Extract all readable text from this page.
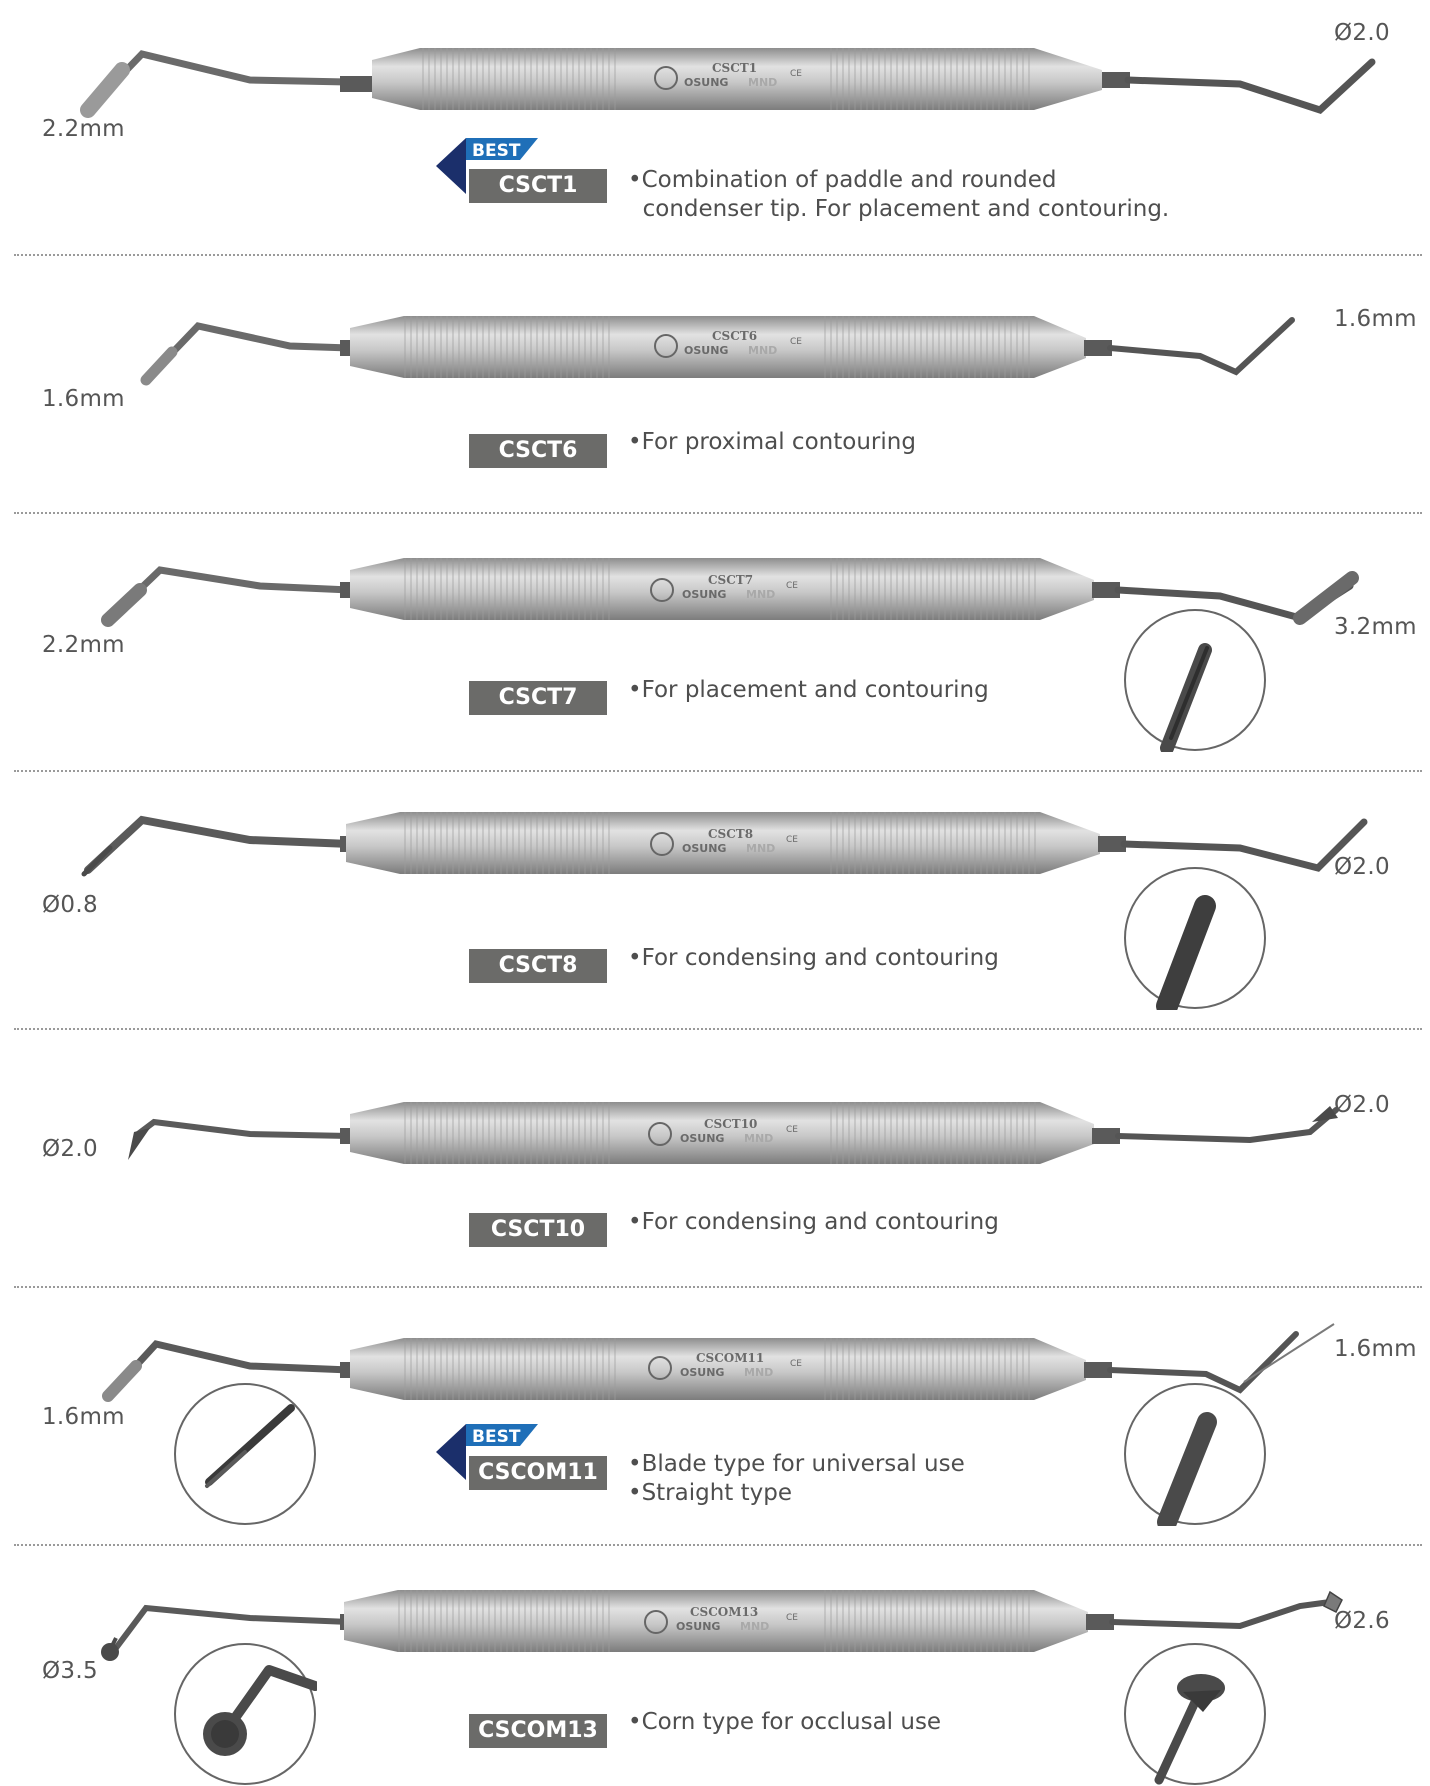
CSCT1
OSUNG MND
CE
2.2mm
Ø2.0
BEST
CSCT1	•Combination of paddle and rounded
condenser tip. For placement and contouring.
CSCT6
OSUNG MND
CE
1.6mm
1.6mm
CSCT6	•For proximal contouring
CSCT7
OSUNG MND
CE
2.2mm
3.2mm
CSCT7	•For placement and contouring
CSCT8
OSUNG MND
CE
Ø0.8
Ø2.0
CSCT8	•For condensing and contouring
CSCT10
OSUNG MND
CE
Ø2.0
Ø2.0
CSCT10	•For condensing and contouring
CSCOM11
OSUNG MND
CE
1.6mm
1.6mm
BEST
CSCOM11	•Blade type for universal use
•Straight type
CSCOM13
OSUNG MND
CE
Ø3.5
Ø2.6
CSCOM13	•Corn type for occlusal use
